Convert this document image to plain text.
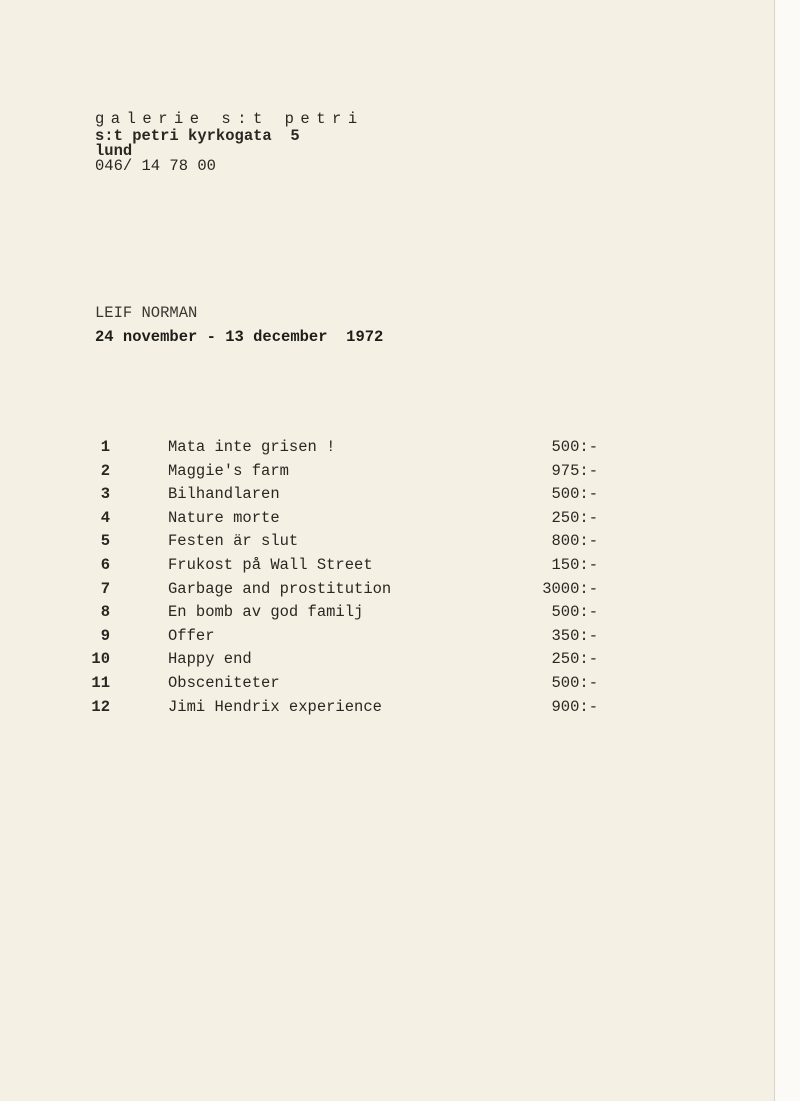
galerie s:t petri
s:t petri kyrkogata  5
lund
046/ 14 78 00
LEIF NORMAN
24 november - 13 december  1972
1	Mata inte grisen !	500:-
2	Maggie's farm	975:-
3	Bilhandlaren	500:-
4	Nature morte	250:-
5	Festen är slut	800:-
6	Frukost på Wall Street	150:-
7	Garbage and prostitution	3000:-
8	En bomb av god familj	500:-
9	Offer	350:-
10	Happy end	250:-
11	Obsceniteter	500:-
12	Jimi Hendrix experience	900:-
